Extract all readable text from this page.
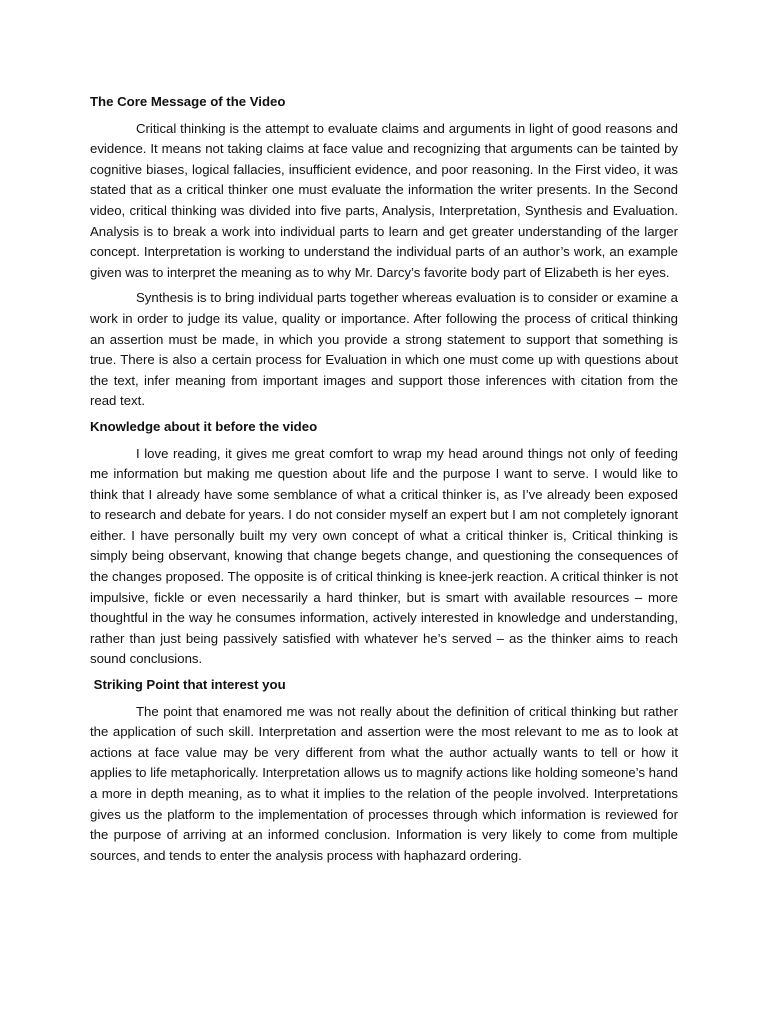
The Core Message of the Video

Critical thinking is the attempt to evaluate claims and arguments in light of good reasons and evidence. It means not taking claims at face value and recognizing that arguments can be tainted by cognitive biases, logical fallacies, insufficient evidence, and poor reasoning. In the First video, it was stated that as a critical thinker one must evaluate the information the writer presents. In the Second video, critical thinking was divided into five parts, Analysis, Interpretation, Synthesis and Evaluation. Analysis is to break a work into individual parts to learn and get greater understanding of the larger concept. Interpretation is working to understand the individual parts of an author’s work, an example given was to interpret the meaning as to why Mr. Darcy’s favorite body part of Elizabeth is her eyes.

Synthesis is to bring individual parts together whereas evaluation is to consider or examine a work in order to judge its value, quality or importance. After following the process of critical thinking an assertion must be made, in which you provide a strong statement to support that something is true. There is also a certain process for Evaluation in which one must come up with questions about the text, infer meaning from important images and support those inferences with citation from the read text.

Knowledge about it before the video

I love reading, it gives me great comfort to wrap my head around things not only of feeding me information but making me question about life and the purpose I want to serve. I would like to think that I already have some semblance of what a critical thinker is, as I’ve already been exposed to research and debate for years. I do not consider myself an expert but I am not completely ignorant either. I have personally built my very own concept of what a critical thinker is, Critical thinking is simply being observant, knowing that change begets change, and questioning the consequences of the changes proposed. The opposite is of critical thinking is knee-jerk reaction. A critical thinker is not impulsive, fickle or even necessarily a hard thinker, but is smart with available resources – more thoughtful in the way he consumes information, actively interested in knowledge and understanding, rather than just being passively satisfied with whatever he’s served – as the thinker aims to reach sound conclusions.

Striking Point that interest you

The point that enamored me was not really about the definition of critical thinking but rather the application of such skill. Interpretation and assertion were the most relevant to me as to look at actions at face value may be very different from what the author actually wants to tell or how it applies to life metaphorically. Interpretation allows us to magnify actions like holding someone’s hand a more in depth meaning, as to what it implies to the relation of the people involved. Interpretations gives us the platform to the implementation of processes through which information is reviewed for the purpose of arriving at an informed conclusion. Information is very likely to come from multiple sources, and tends to enter the analysis process with haphazard ordering.
